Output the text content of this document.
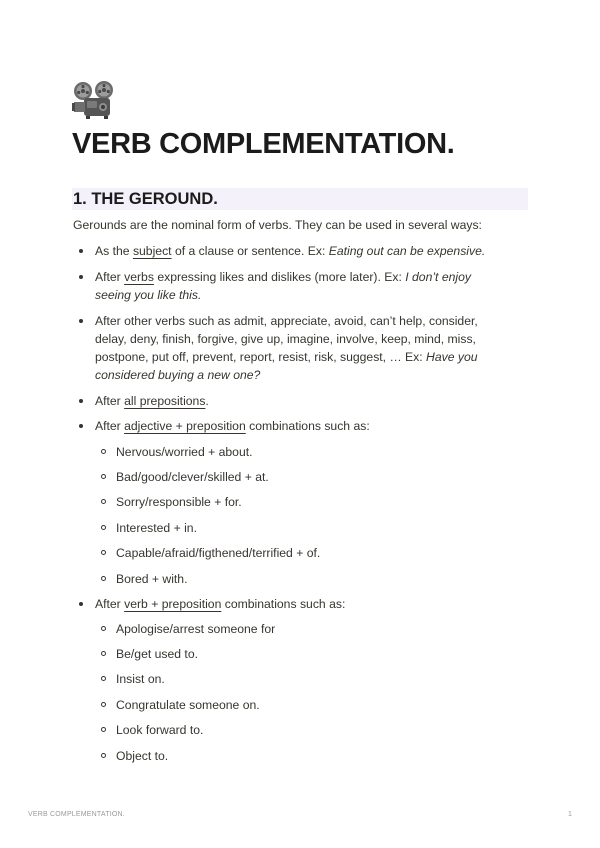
VERB COMPLEMENTATION.
1. THE GEROUND.

Gerounds are the nominal form of verbs. They can be used in several ways:

As the subject of a clause or sentence. Ex: Eating out can be expensive.
After verbs expressing likes and dislikes (more later). Ex: I don’t enjoy seeing you like this.
After other verbs such as admit, appreciate, avoid, can’t help, consider, delay, deny, finish, forgive, give up, imagine, involve, keep, mind, miss, postpone, put off, prevent, report, resist, risk, suggest, … Ex: Have you considered buying a new one?
After all prepositions.
After adjective + preposition combinations such as:
Nervous/worried + about.
Bad/good/clever/skilled + at.
Sorry/responsible + for.
Interested + in.
Capable/afraid/figthened/terrified + of.
Bored + with.
After verb + preposition combinations such as:
Apologise/arrest someone for
Be/get used to.
Insist on.
Congratulate someone on.
Look forward to.
Object to.
VERB COMPLEMENTATION.	1
